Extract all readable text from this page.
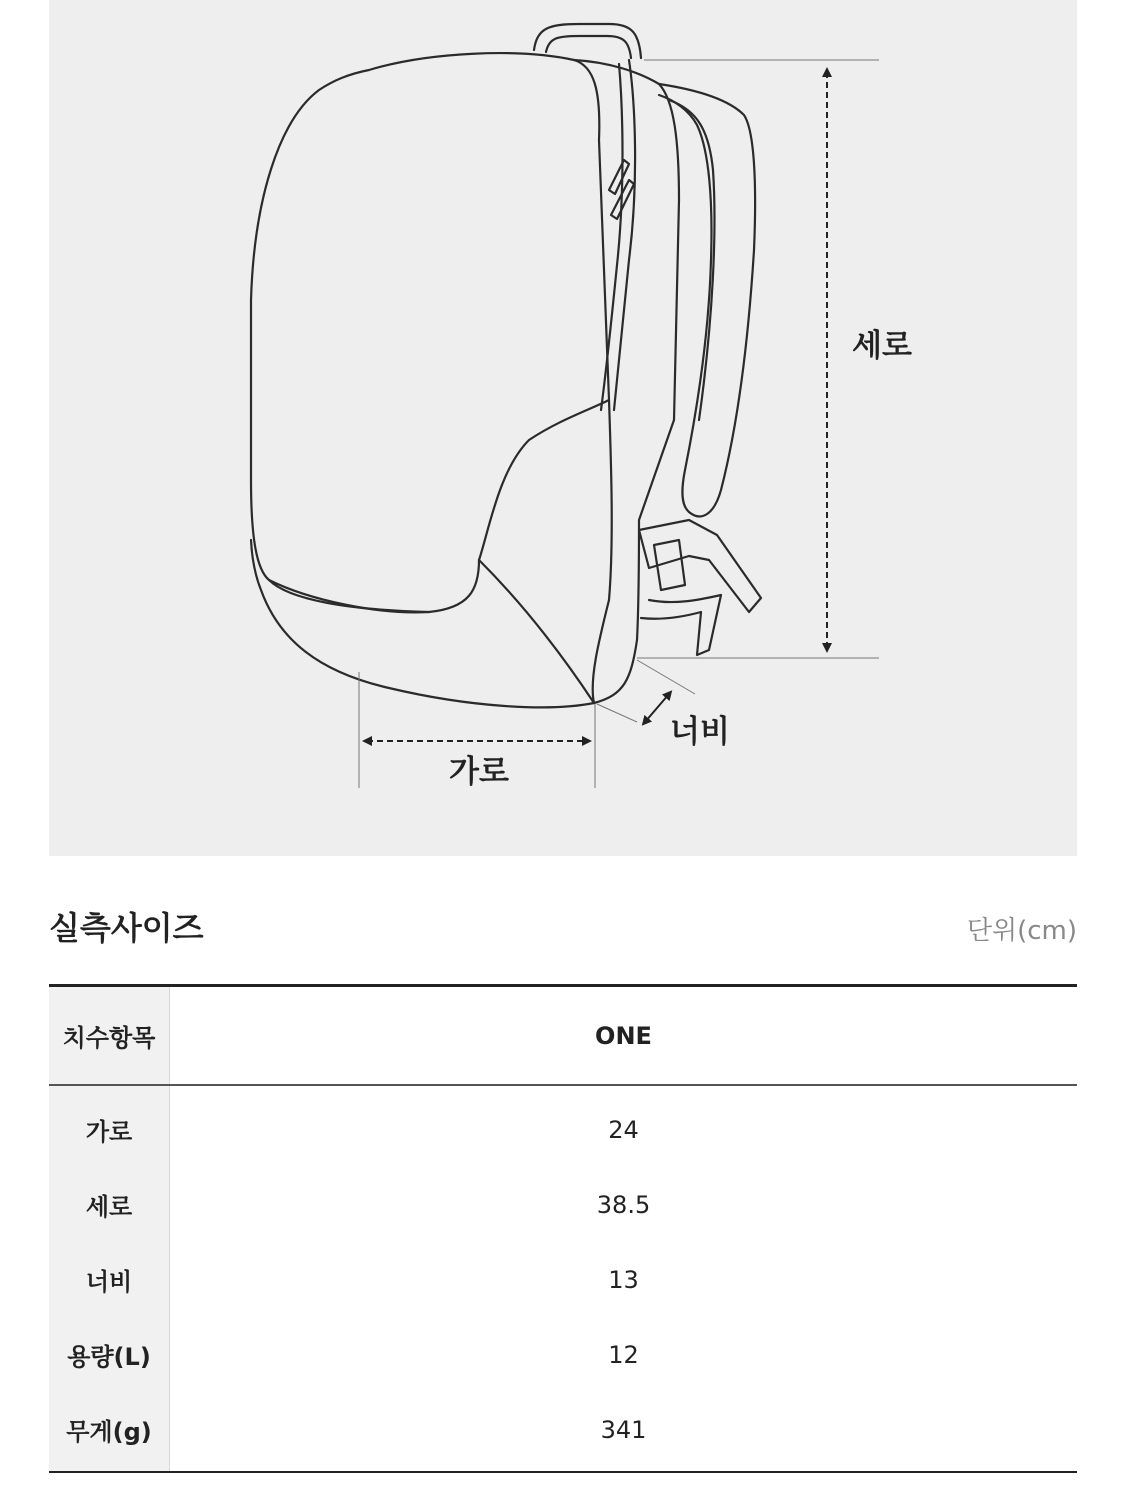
세로
가로
너비
실측사이즈	단위(cm)
치수항목	ONE
가로	24
세로	38.5
너비	13
용량(L)	12
무게(g)	341
